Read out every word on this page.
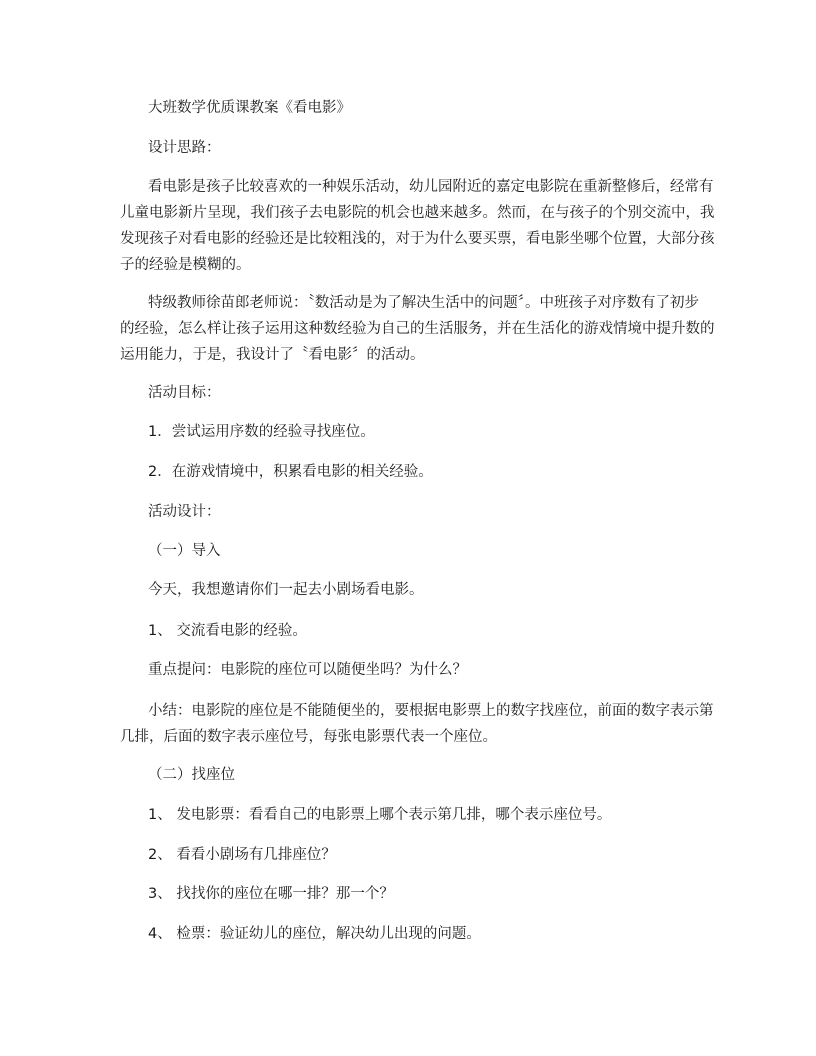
大班数学优质课教案《看电影》
设计思路：
看电影是孩子比较喜欢的一种娱乐活动，幼儿园附近的嘉定电影院在重新整修后，经常有
儿童电影新片呈现，我们孩子去电影院的机会也越来越多。然而，在与孩子的个别交流中，我
发现孩子对看电影的经验还是比较粗浅的，对于为什么要买票，看电影坐哪个位置，大部分孩
子的经验是模糊的。
特级教师徐苗郎老师说：〝数活动是为了解决生活中的问题〞。中班孩子对序数有了初步
的经验，怎么样让孩子运用这种数经验为自己的生活服务，并在生活化的游戏情境中提升数的
运用能力，于是，我设计了〝看电影〞的活动。
活动目标：
1．尝试运用序数的经验寻找座位。
2．在游戏情境中，积累看电影的相关经验。
活动设计：
（一）导入
今天，我想邀请你们一起去小剧场看电影。
1、 交流看电影的经验。
重点提问：电影院的座位可以随便坐吗？为什么？
小结：电影院的座位是不能随便坐的，要根据电影票上的数字找座位，前面的数字表示第
几排，后面的数字表示座位号，每张电影票代表一个座位。
（二）找座位
1、 发电影票：看看自己的电影票上哪个表示第几排，哪个表示座位号。
2、 看看小剧场有几排座位？
3、 找找你的座位在哪一排？那一个？
4、 检票：验证幼儿的座位，解决幼儿出现的问题。
